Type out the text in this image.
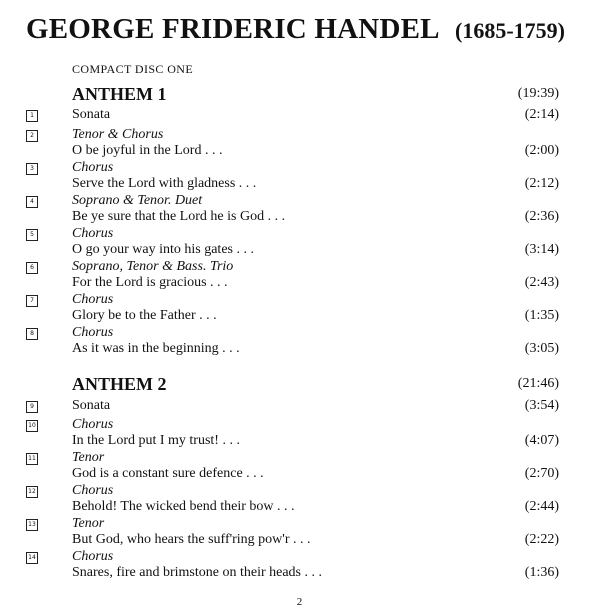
GEORGE FRIDERIC HANDEL (1685-1759)
COMPACT DISC ONE
ANTHEM 1	(19:39)
1	Sonata	(2:14)
2	Tenor & Chorus
O be joyful in the Lord . . .	(2:00)
3	Chorus
Serve the Lord with gladness . . .	(2:12)
4	Soprano & Tenor. Duet
Be ye sure that the Lord he is God . . .	(2:36)
5	Chorus
O go your way into his gates . . .	(3:14)
6	Soprano, Tenor & Bass. Trio
For the Lord is gracious . . .	(2:43)
7	Chorus
Glory be to the Father . . .	(1:35)
8	Chorus
As it was in the beginning . . .	(3:05)
ANTHEM 2	(21:46)
9	Sonata	(3:54)
10	Chorus
In the Lord put I my trust! . . .	(4:07)
11	Tenor
God is a constant sure defence . . .	(2:70)
12	Chorus
Behold! The wicked bend their bow . . .	(2:44)
13	Tenor
But God, who hears the suff'ring pow'r . . .	(2:22)
14	Chorus
Snares, fire and brimstone on their heads . . .	(1:36)
2
